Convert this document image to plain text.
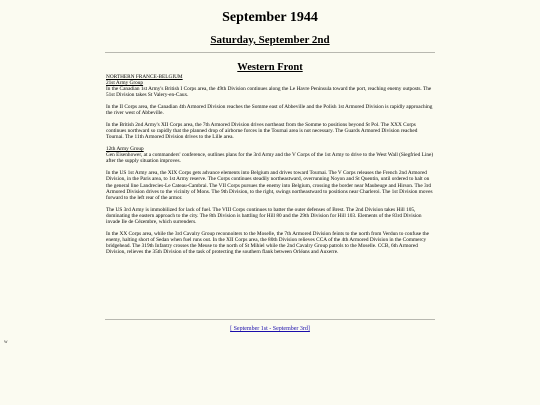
September 1944
Saturday, September 2nd
Western Front
NORTHERN FRANCE-BELGIUM
21st Army Group

In the Canadian 1st Army's British I Corps area, the 49th Division continues along the Le Havre Peninsula toward the port, reaching enemy outposts. The 51st Division takes St Valery-en-Caux.

In the II Corps area, the Canadian 4th Armored Division reaches the Somme east of Abbeville and the Polish 1st Armored Division is rapidly approaching the river west of Abbeville.

In the British 2nd Army's XII Corps area, the 7th Armored Division drives northeast from the Somme to positions beyond St Pol. The XXX Corps continues northward so rapidly that the planned drop of airborne forces in the Tournai area is not necessary. The Guards Armored Division reached Tournai. The 11th Armored Division drives to the Lille area.

12th Army Group

Gen Eisenhower, at a commanders' conference, outlines plans for the 3rd Army and the V Corps of the 1st Army to drive to the West Wall (Siegfried Line) after the supply situation improves.

In the US 1st Army area, the XIX Corps gets advance elements into Belgium and drives toward Tournai. The V Corps releases the French 2nd Armored Division, in the Paris area, to 1st Army reserve. The Corps continues steadily northeastward, overrunning Noyon and St Quentin, until ordered to halt on the general line Landrecies-Le Cateau-Cambrai. The VII Corps pursues the enemy into Belgium, crossing the border near Maubeuge and Hirson. The 3rd Armored Division drives to the vicinity of Mons. The 9th Division, to the right, swings northeastward to positions near Charleroi. The 1st Division moves forward to the left rear of the armor.

The US 3rd Army is immobilized for lack of fuel. The VIII Corps continues to batter the outer defenses of Brest. The 2nd Division takes Hill 105, dominating the eastern approach to the city. The 8th Division is battling for Hill 80 and the 29th Division for Hill 103. Elements of the 83rd Division invade Ile de Cézembre, which surrenders.

In the XX Corps area, while the 3rd Cavalry Group reconnoiters to the Moselle, the 7th Armored Division feints to the north from Verdun to confuse the enemy, halting short of Sedan when fuel runs out. In the XII Corps area, the 80th Division relieves CCA of the 4th Armored Division in the Commercy bridgehead. The 319th Infantry crosses the Meuse to the north of St Mihiel while the 2nd Cavalry Group patrols to the Moselle. CCB, 6th Armored Division, relieves the 35th Division of the task of protecting the southern flank between Orléans and Auxerre.

[ September 1st - September 3rd]
w
